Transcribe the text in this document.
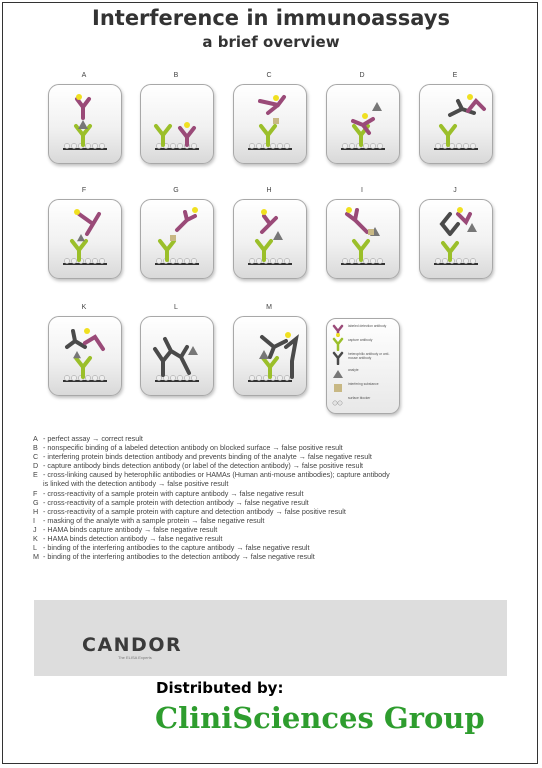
Interference in immunoassays
a brief overview
A	B	C	D	E
F	G	H	I	J
K	L	M
labeled detection antibody
capture antibody
heterophilic antibody or anti-mouse antibody
analyte
interfering substance
surface blocker
A - perfect assay → correct result
B - nonspecific binding of a labeled detection antibody on blocked surface → false positive result
C - interfering protein binds detection antibody and prevents binding of the analyte → false negative result
D - capture antibody binds detection antibody (or label of the detection antibody) → false positive result
E - cross-linking caused by heterophilic antibodies or HAMAs (Human anti-mouse antibodies); capture antibody
is linked with the detection antibody → false positive result
F - cross-reactivity of a sample protein with capture antibody → false negative result
G - cross-reactivity of a sample protein with detection antibody → false negative result
H - cross-reactivity of a sample protein with capture and detection antibody → false positive result
I	- masking of the analyte with a sample protein → false negative result
J - HAMA binds capture antibody → false negative result
K - HAMA binds detection antibody → false negative result
L - binding of the interfering antibodies to the capture antibody → false negative result
M - binding of the interfering antibodies to the detection antibody → false negative result
CANDOR
The ELISA Experts
Distributed by:
CliniSciences Group
